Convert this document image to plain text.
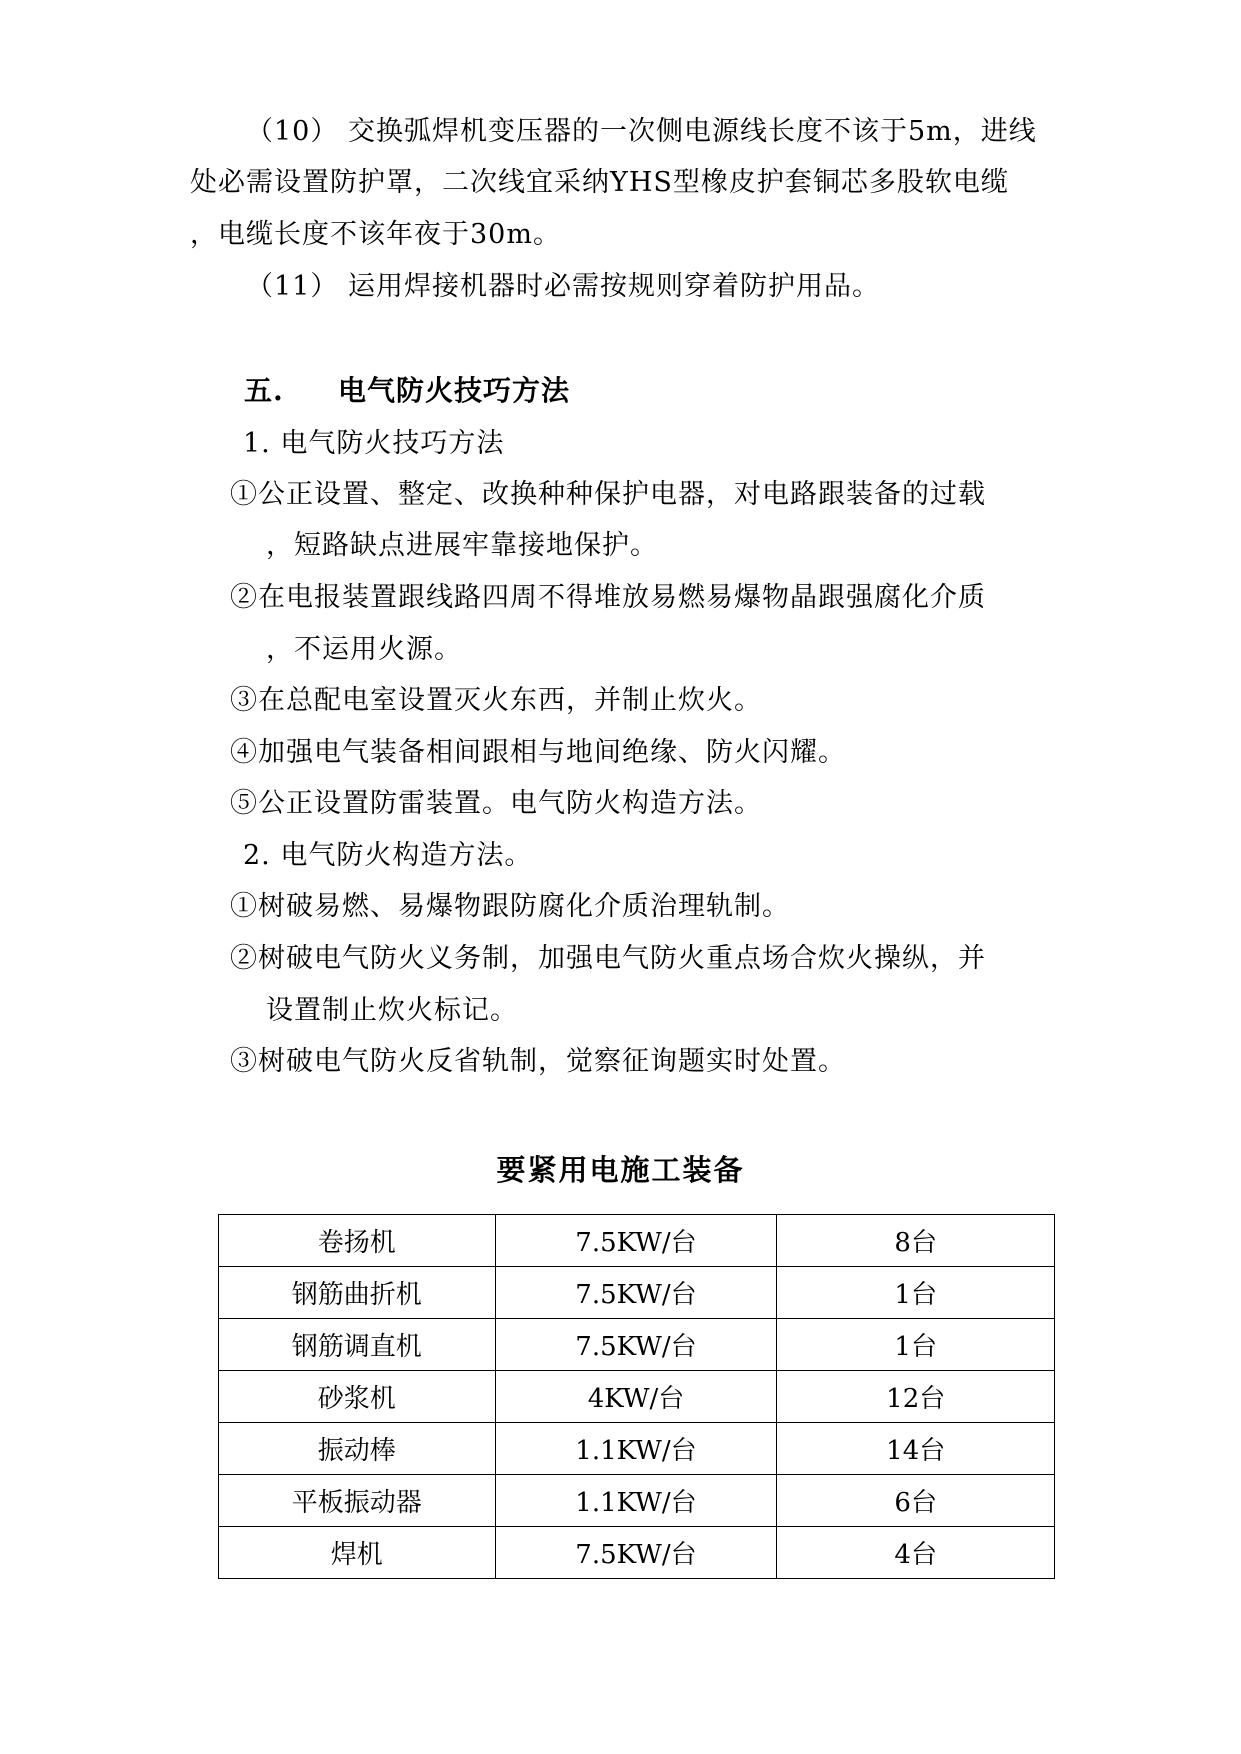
（10） 交换弧焊机变压器的一次侧电源线长度不该于5m，进线
处必需设置防护罩，二次线宜采纳YHS型橡皮护套铜芯多股软电缆
，电缆长度不该年夜于30m。
（11） 运用焊接机器时必需按规则穿着防护用品。
五. 电气防火技巧方法
1. 电气防火技巧方法
①公正设置、整定、改换种种保护电器，对电路跟装备的过载
，短路缺点进展牢靠接地保护。
②在电报装置跟线路四周不得堆放易燃易爆物晶跟强腐化介质
，不运用火源。
③在总配电室设置灭火东西，并制止炊火。
④加强电气装备相间跟相与地间绝缘、防火闪耀。
⑤公正设置防雷装置。电气防火构造方法。
2. 电气防火构造方法。
①树破易燃、易爆物跟防腐化介质治理轨制。
②树破电气防火义务制，加强电气防火重点场合炊火操纵，并
设置制止炊火标记。
③树破电气防火反省轨制，觉察征询题实时处置。
要紧用电施工装备
卷扬机	7.5KW/台	8台
钢筋曲折机	7.5KW/台	1台
钢筋调直机	7.5KW/台	1台
砂浆机	4KW/台	12台
振动棒	1.1KW/台	14台
平板振动器	1.1KW/台	6台
焊机	7.5KW/台	4台
